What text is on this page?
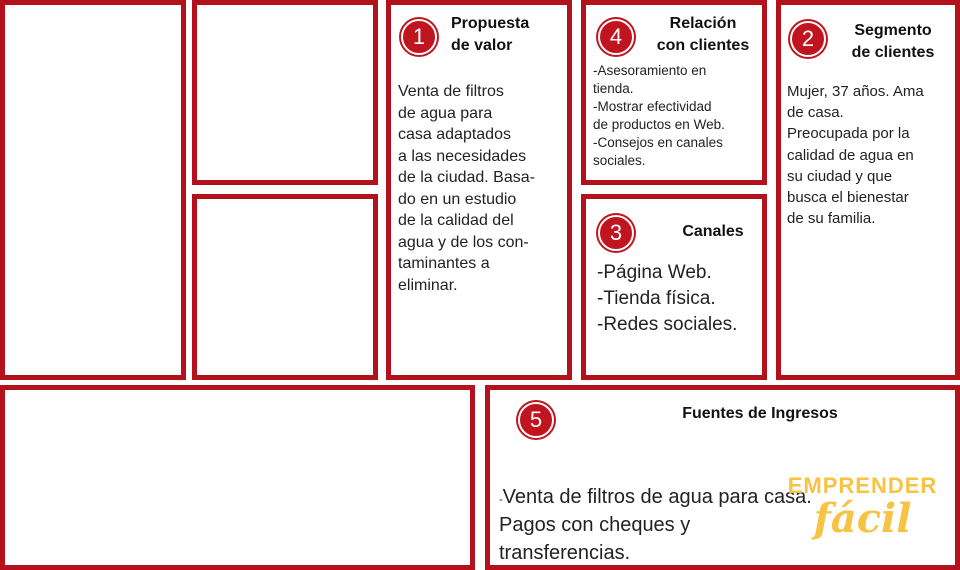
1
Propuesta
de valor
Venta de filtros
de agua para
casa adaptados
a las necesidades
de la ciudad. Basa-
do en un estudio
de la calidad del
agua y de los con-
taminantes a
eliminar.
4
Relación
con clientes
-Asesoramiento en
tienda.
-Mostrar efectividad
de productos en Web.
-Consejos en canales
sociales.
2	Segmento
de clientes
Mujer, 37 años. Ama
de casa.
Preocupada por la
calidad de agua en
su ciudad y que
busca el bienestar
de su familia.
3	Canales
-Página Web.
-Tienda física.
-Redes sociales.
5	Fuentes de Ingresos

-Venta de filtros de agua para casa.

Pagos con cheques y
transferencias.
EMPRENDER
fácil
